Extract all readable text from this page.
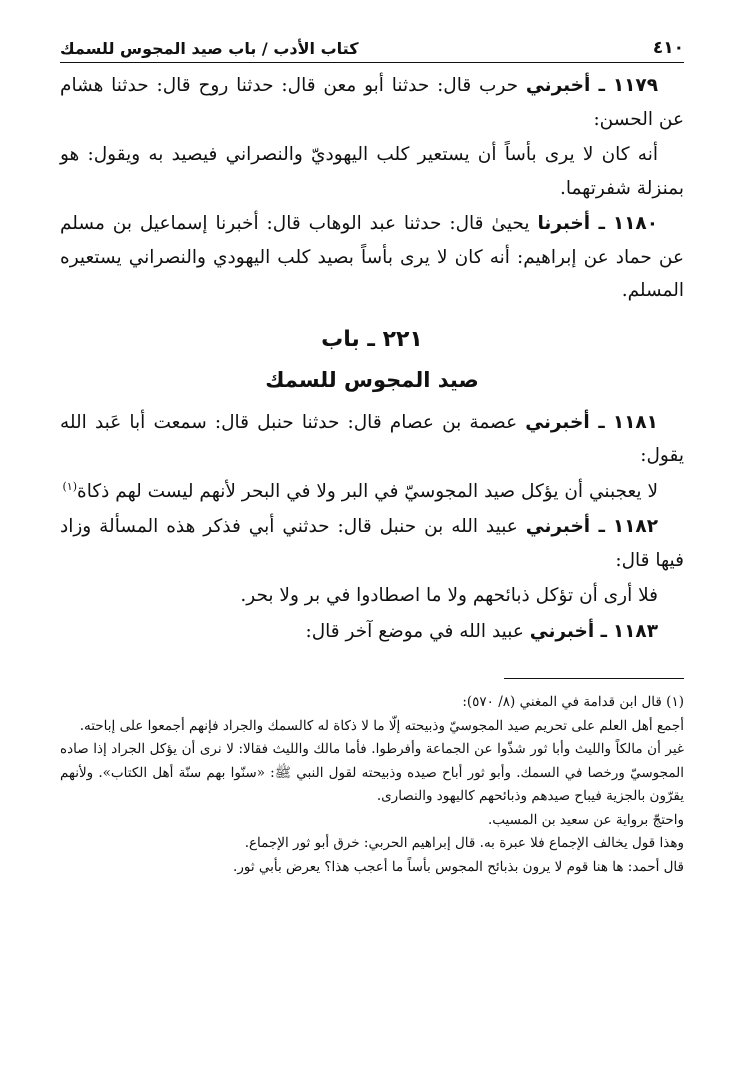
٤١٠
كتاب الأدب / باب صيد المجوس للسمك

١١٧٩ ـ أخبرني حرب قال: حدثنا أبو معن قال: حدثنا روح قال: حدثنا هشام عن الحسن:

أنه كان لا يرى بأساً أن يستعير كلب اليهوديّ والنصراني فيصيد به ويقول: هو بمنزلة شفرتهما.

١١٨٠ ـ أخبرنا يحيىٰ قال: حدثنا عبد الوهاب قال: أخبرنا إسماعيل بن مسلم عن حماد عن إبراهيم: أنه كان لا يرى بأساً بصيد كلب اليهودي والنصراني يستعيره المسلم.

٢٢١ ـ باب

صيد المجوس للسمك

١١٨١ ـ أخبرني عصمة بن عصام قال: حدثنا حنبل قال: سمعت أبا عَبد الله يقول:

لا يعجبني أن يؤكل صيد المجوسيّ في البر ولا في البحر لأنهم ليست لهم ذكاة$^{(١)}$

١١٨٢ ـ أخبرني عبيد الله بن حنبل قال: حدثني أبي فذكر هذه المسألة وزاد فيها قال:

فلا أرى أن تؤكل ذبائحهم ولا ما اصطادوا في بر ولا بحر.

١١٨٣ ـ أخبرني عبيد الله في موضع آخر قال:

(١) قال ابن قدامة في المغني (٨/ ٥٧٠):

أجمع أهل العلم على تحريم صيد المجوسيّ وذبيحته إلّا ما لا ذكاة له كالسمك والجراد فإنهم أجمعوا على إباحته.

غير أن مالكاً والليث وأبا ثور شذّوا عن الجماعة وأفرطوا. فأما مالك والليث فقالا: لا نرى أن يؤكل الجراد إذا صاده المجوسيّ ورخصا في السمك. وأبو ثور أباح صيده وذبيحته لقول النبي ﷺ: «سنّوا بهم سنّة أهل الكتاب». ولأنهم يقرّون بالجزية فيباح صيدهم وذبائحهم كاليهود والنصارى.

واحتجّ برواية عن سعيد بن المسيب.

وهذا قول يخالف الإجماع فلا عبرة به. قال إبراهيم الحربي: خرق أبو ثور الإجماع.

قال أحمد: ها هنا قوم لا يرون بذبائح المجوس بأساً ما أعجب هذا؟ يعرض بأبي ثور.
